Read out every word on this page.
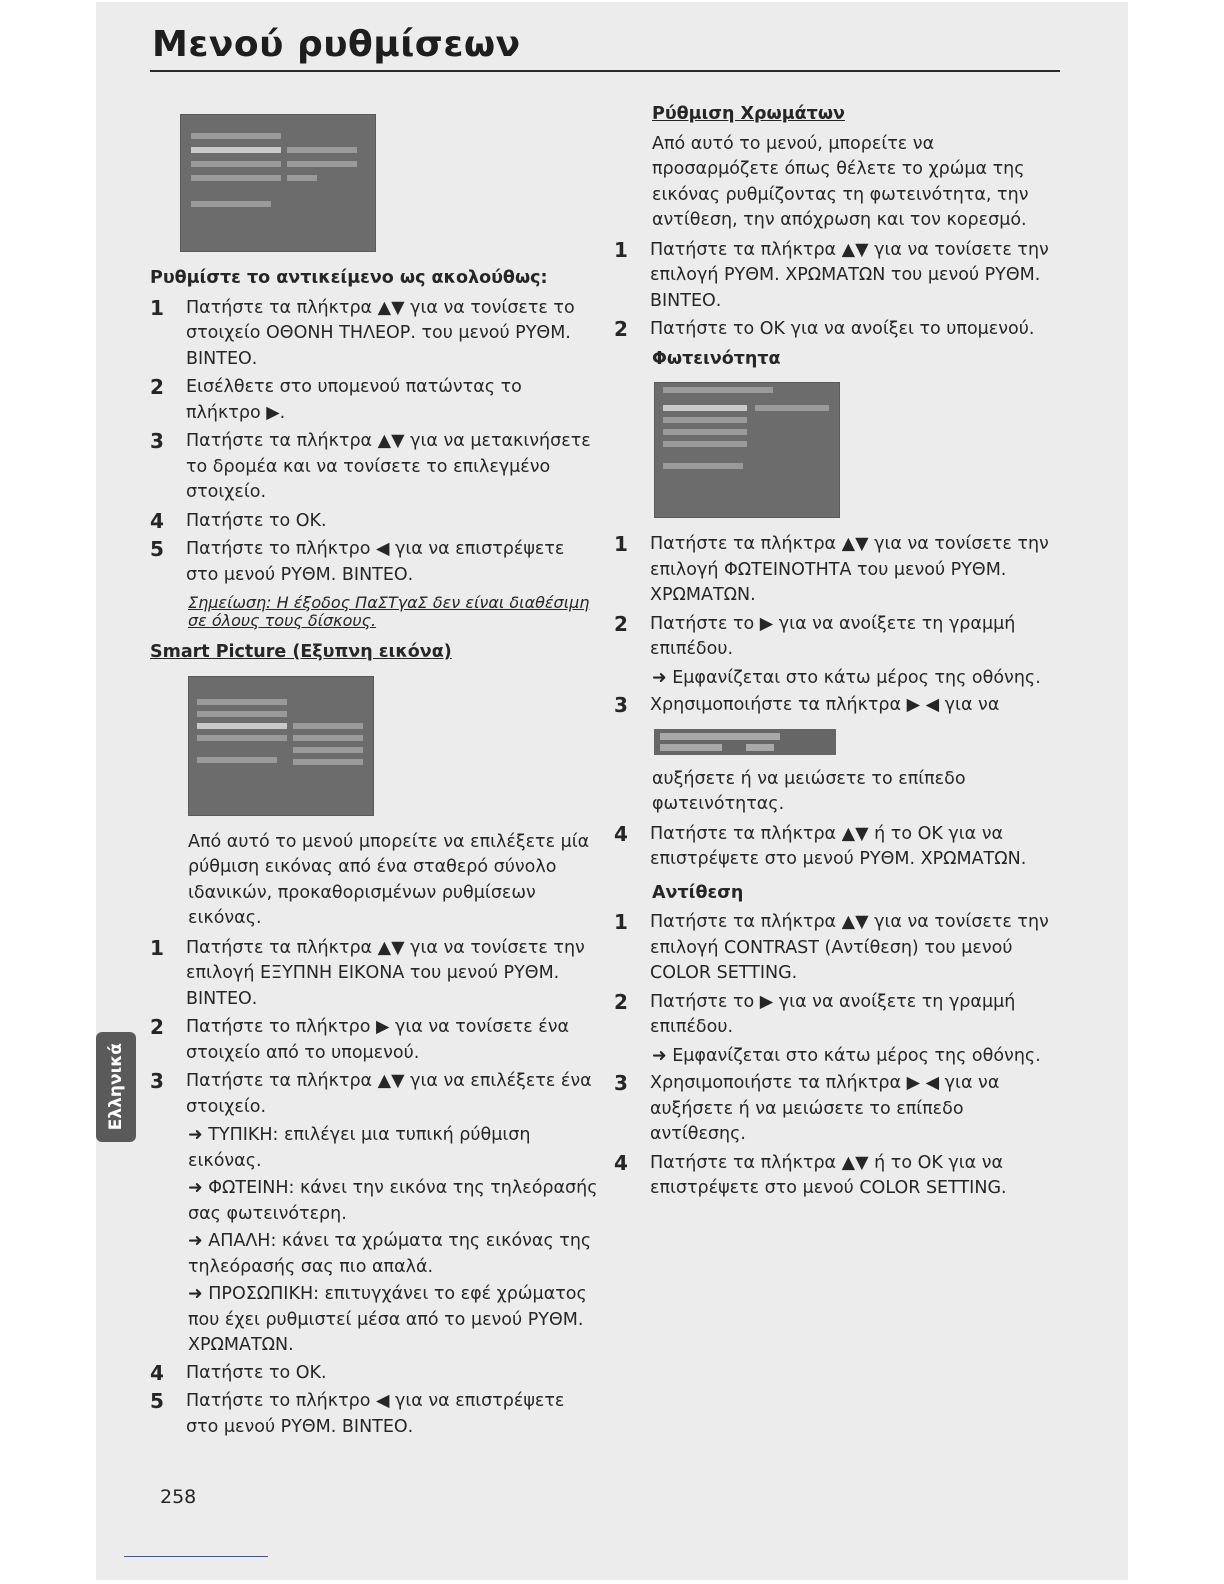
Μενού ρυθμίσεων
Ρυθμίστε το αντικείμενο ως ακολούθως:
1	Πατήστε τα πλήκτρα ▲▼ για να τονίσετε το στοιχείο ΟΘΟΝΗ ΤΗΛΕΟΡ. του μενού ΡΥΘΜ. ΒΙΝΤΕΟ.
2	Εισέλθετε στο υπομενού πατώντας το πλήκτρο ▶.
3	Πατήστε τα πλήκτρα ▲▼ για να μετακινήσετε το δρομέα και να τονίσετε το επιλεγμένο στοιχείο.
4	Πατήστε το OK.
5	Πατήστε το πλήκτρο ◀ για να επιστρέψετε στο μενού ΡΥΘΜ. ΒΙΝΤΕΟ.
Σημείωση: Η έξοδος ΠαΣΤγαΣ δεν είναι διαθέσιμη σε όλους τους δίσκους.
Smart Picture (Εξυπνη εικόνα)
Από αυτό το μενού μπορείτε να επιλέξετε μία ρύθμιση εικόνας από ένα σταθερό σύνολο ιδανικών, προκαθορισμένων ρυθμίσεων εικόνας.
1	Πατήστε τα πλήκτρα ▲▼ για να τονίσετε την επιλογή ΕΞΥΠΝΗ ΕΙΚΟΝΑ του μενού ΡΥΘΜ. ΒΙΝΤΕΟ.
2	Πατήστε το πλήκτρο ▶ για να τονίσετε ένα στοιχείο από το υπομενού.
3	Πατήστε τα πλήκτρα ▲▼ για να επιλέξετε ένα στοιχείο.
➜ ΤΥΠΙΚΗ: επιλέγει μια τυπική ρύθμιση εικόνας.
➜ ΦΩΤΕΙΝΗ: κάνει την εικόνα της τηλεόρασής σας φωτεινότερη.
➜ ΑΠΑΛΗ: κάνει τα χρώματα της εικόνας της τηλεόρασής σας πιο απαλά.
➜ ΠΡΟΣΩΠΙΚΗ: επιτυγχάνει το εφέ χρώματος που έχει ρυθμιστεί μέσα από το μενού ΡΥΘΜ. ΧΡΩΜΑΤΩΝ.
4	Πατήστε το OK.
5	Πατήστε το πλήκτρο ◀ για να επιστρέψετε στο μενού ΡΥΘΜ. ΒΙΝΤΕΟ.
Ρύθμιση Χρωμάτων
Από αυτό το μενού, μπορείτε να προσαρμόζετε όπως θέλετε το χρώμα της εικόνας ρυθμίζοντας τη φωτεινότητα, την αντίθεση, την απόχρωση και τον κορεσμό.
1	Πατήστε τα πλήκτρα ▲▼ για να τονίσετε την επιλογή ΡΥΘΜ. ΧΡΩΜΑΤΩΝ του μενού ΡΥΘΜ. ΒΙΝΤΕΟ.
2	Πατήστε το OK για να ανοίξει το υπομενού.
Φωτεινότητα
1	Πατήστε τα πλήκτρα ▲▼ για να τονίσετε την επιλογή ΦΩΤΕΙΝΟΤΗΤΑ του μενού ΡΥΘΜ. ΧΡΩΜΑΤΩΝ.
2	Πατήστε το ▶ για να ανοίξετε τη γραμμή επιπέδου.
➜ Εμφανίζεται στο κάτω μέρος της οθόνης.
3	Χρησιμοποιήστε τα πλήκτρα ▶ ◀ για να
αυξήσετε ή να μειώσετε το επίπεδο φωτεινότητας.
4	Πατήστε τα πλήκτρα ▲▼ ή το OK για να επιστρέψετε στο μενού ΡΥΘΜ. ΧΡΩΜΑΤΩΝ.
Αντίθεση
1	Πατήστε τα πλήκτρα ▲▼ για να τονίσετε την επιλογή CONTRAST (Αντίθεση) του μενού COLOR SETTING.
2	Πατήστε το ▶ για να ανοίξετε τη γραμμή επιπέδου.
➜ Εμφανίζεται στο κάτω μέρος της οθόνης.
3	Χρησιμοποιήστε τα πλήκτρα ▶ ◀ για να αυξήσετε ή να μειώσετε το επίπεδο αντίθεσης.
4	Πατήστε τα πλήκτρα ▲▼ ή το OK για να επιστρέψετε στο μενού COLOR SETTING.
Ελληνικά
258
